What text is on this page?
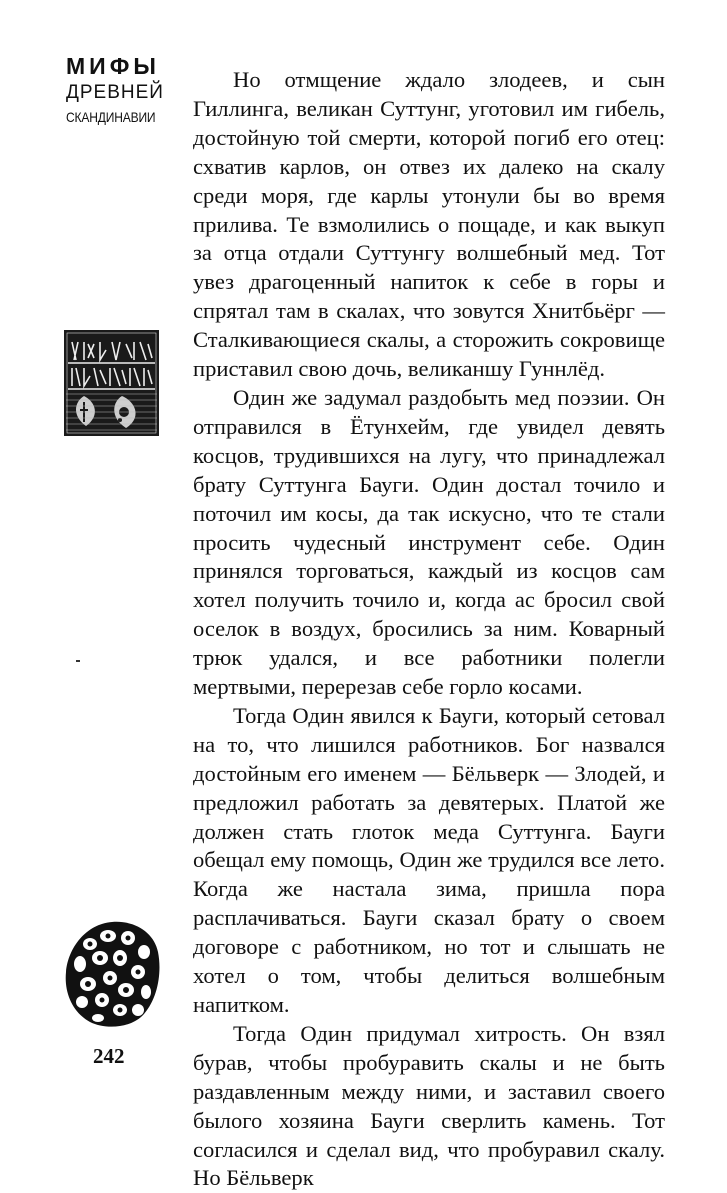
МИФЫ
ДРЕВНЕЙ
СКАНДИНАВИИ
242

Но отмщение ждало злодеев, и сын Гиллинга, великан Суттунг, уготовил им гибель, достойную той смерти, которой погиб его отец: схватив карлов, он отвез их далеко на скалу среди моря, где карлы утонули бы во время прилива. Те взмолились о пощаде, и как выкуп за отца отдали Суттунгу волшебный мед. Тот увез драгоценный напиток к себе в горы и спрятал там в скалах, что зовутся Хнитбьёрг — Сталкивающиеся скалы, а сторожить сокровище приставил свою дочь, великаншу Гуннлёд.

Один же задумал раздобыть мед поэзии. Он отправился в Ётунхейм, где увидел девять косцов, трудившихся на лугу, что принадлежал брату Суттунга Бауги. Один достал точило и поточил им косы, да так искусно, что те стали просить чудесный инструмент себе. Один принялся торговаться, каждый из косцов сам хотел получить точило и, когда ас бросил свой оселок в воздух, бросились за ним. Коварный трюк удался, и все работники полегли мертвыми, перерезав себе горло косами.

Тогда Один явился к Бауги, который сетовал на то, что лишился работников. Бог назвался достойным его именем — Бёльверк — Злодей, и предложил работать за девятерых. Платой же должен стать глоток меда Суттунга. Бауги обещал ему помощь, Один же трудился все лето. Когда же настала зима, пришла пора расплачиваться. Бауги сказал брату о своем договоре с работником, но тот и слышать не хотел о том, чтобы делиться волшебным напитком.

Тогда Один придумал хитрость. Он взял бурав, чтобы пробуравить скалы и не быть раздавленным между ними, и заставил своего былого хозяина Бауги сверлить камень. Тот согласился и сделал вид, что пробуравил скалу. Но Бёльверк
